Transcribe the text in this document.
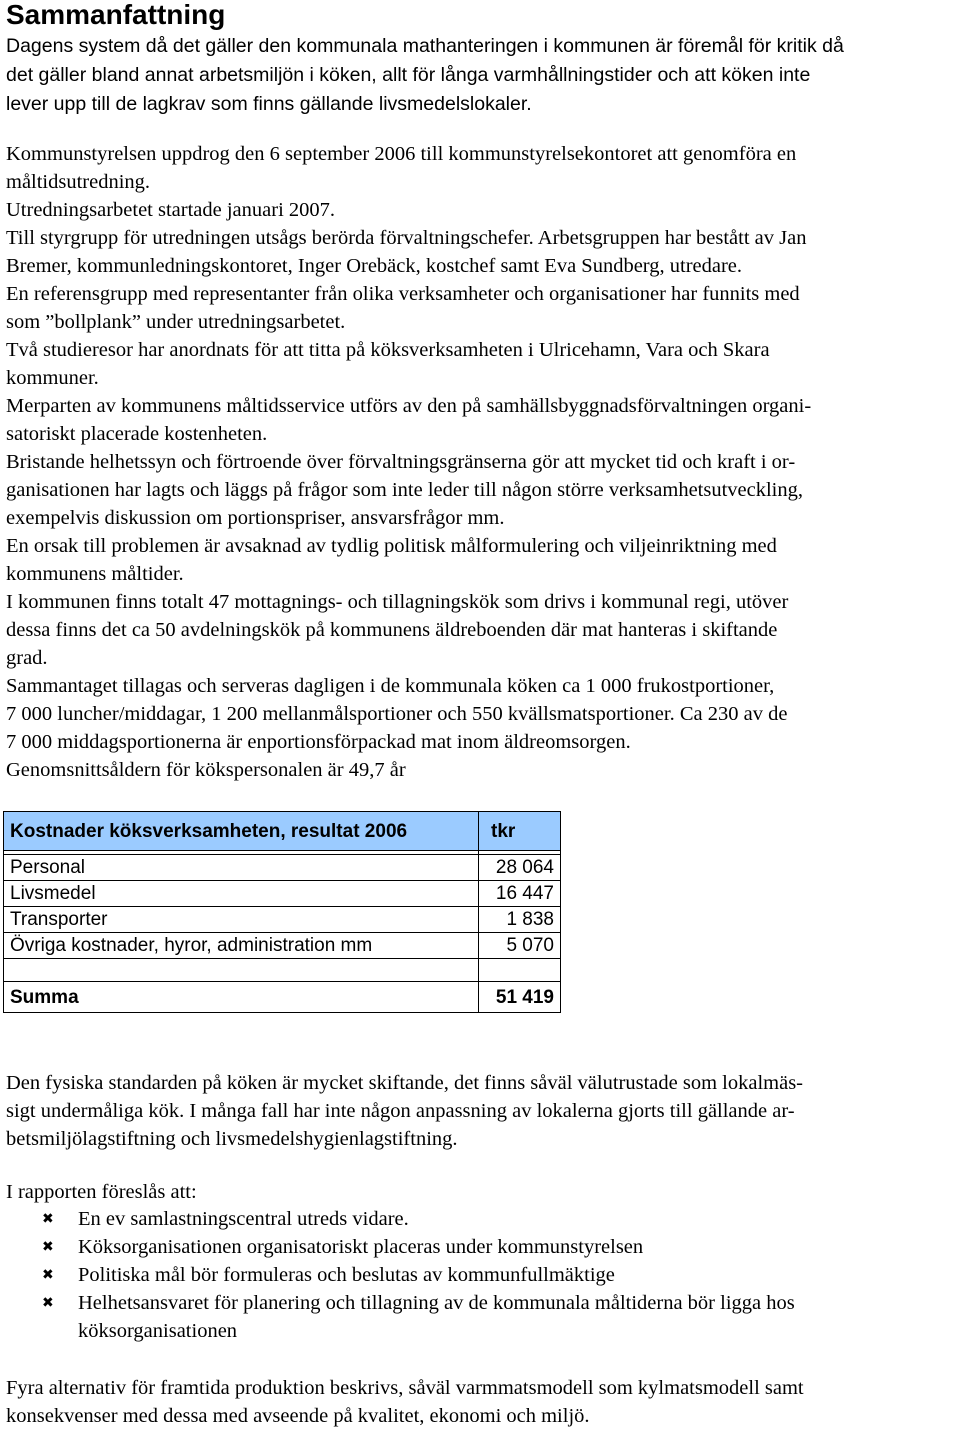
Sammanfattning
Dagens system då det gäller den kommunala mathanteringen i kommunen är föremål för kritik då
det gäller bland annat arbetsmiljön i köken, allt för långa varmhållningstider och att köken inte
lever upp till de lagkrav som finns gällande livsmedelslokaler.
Kommunstyrelsen uppdrog den 6 september 2006 till kommunstyrelsekontoret att genomföra en
måltidsutredning.
Utredningsarbetet startade januari 2007.
Till styrgrupp för utredningen utsågs berörda förvaltningschefer. Arbetsgruppen har bestått av Jan
Bremer, kommunledningskontoret, Inger Orebäck, kostchef samt Eva Sundberg, utredare.
En referensgrupp med representanter från olika verksamheter och organisationer har funnits med
som ”bollplank” under utredningsarbetet.
Två studieresor har anordnats för att titta på köksverksamheten i Ulricehamn, Vara och Skara
kommuner.
Merparten av kommunens måltidsservice utförs av den på samhällsbyggnadsförvaltningen organi-
satoriskt placerade kostenheten.
Bristande helhetssyn och förtroende över förvaltningsgränserna gör att mycket tid och kraft i or-
ganisationen har lagts och läggs på frågor som inte leder till någon större verksamhetsutveckling,
exempelvis diskussion om portionspriser, ansvarsfrågor mm.
En orsak till problemen är avsaknad av tydlig politisk målformulering och viljeinriktning med
kommunens måltider.
I kommunen finns totalt 47 mottagnings- och tillagningskök som drivs i kommunal regi, utöver
dessa finns det ca 50 avdelningskök på kommunens äldreboenden där mat hanteras i skiftande
grad.
Sammantaget tillagas och serveras dagligen i de kommunala köken ca 1 000 frukostportioner,
7 000 luncher/middagar, 1 200 mellanmålsportioner och 550 kvällsmatsportioner. Ca 230 av de
7 000 middagsportionerna är enportionsförpackad mat inom äldreomsorgen.
Genomsnittsåldern för kökspersonalen är 49,7 år
Kostnader köksverksamheten, resultat 2006	tkr

Personal	28 064
Livsmedel	16 447
Transporter	1 838
Övriga kostnader, hyror, administration mm	5 070

Summa	51 419
Den fysiska standarden på köken är mycket skiftande, det finns såväl välutrustade som lokalmäs-
sigt undermåliga kök. I många fall har inte någon anpassning av lokalerna gjorts till gällande ar-
betsmiljölagstiftning och livsmedelshygienlagstiftning.
I rapporten föreslås att:
✖ En ev samlastningscentral utreds vidare.
✖ Köksorganisationen organisatoriskt placeras under kommunstyrelsen
✖ Politiska mål bör formuleras och beslutas av kommunfullmäktige
✖ Helhetsansvaret för planering och tillagning av de kommunala måltiderna bör ligga hos
köksorganisationen
Fyra alternativ för framtida produktion beskrivs, såväl varmmatsmodell som kylmatsmodell samt
konsekvenser med dessa med avseende på kvalitet, ekonomi och miljö.
